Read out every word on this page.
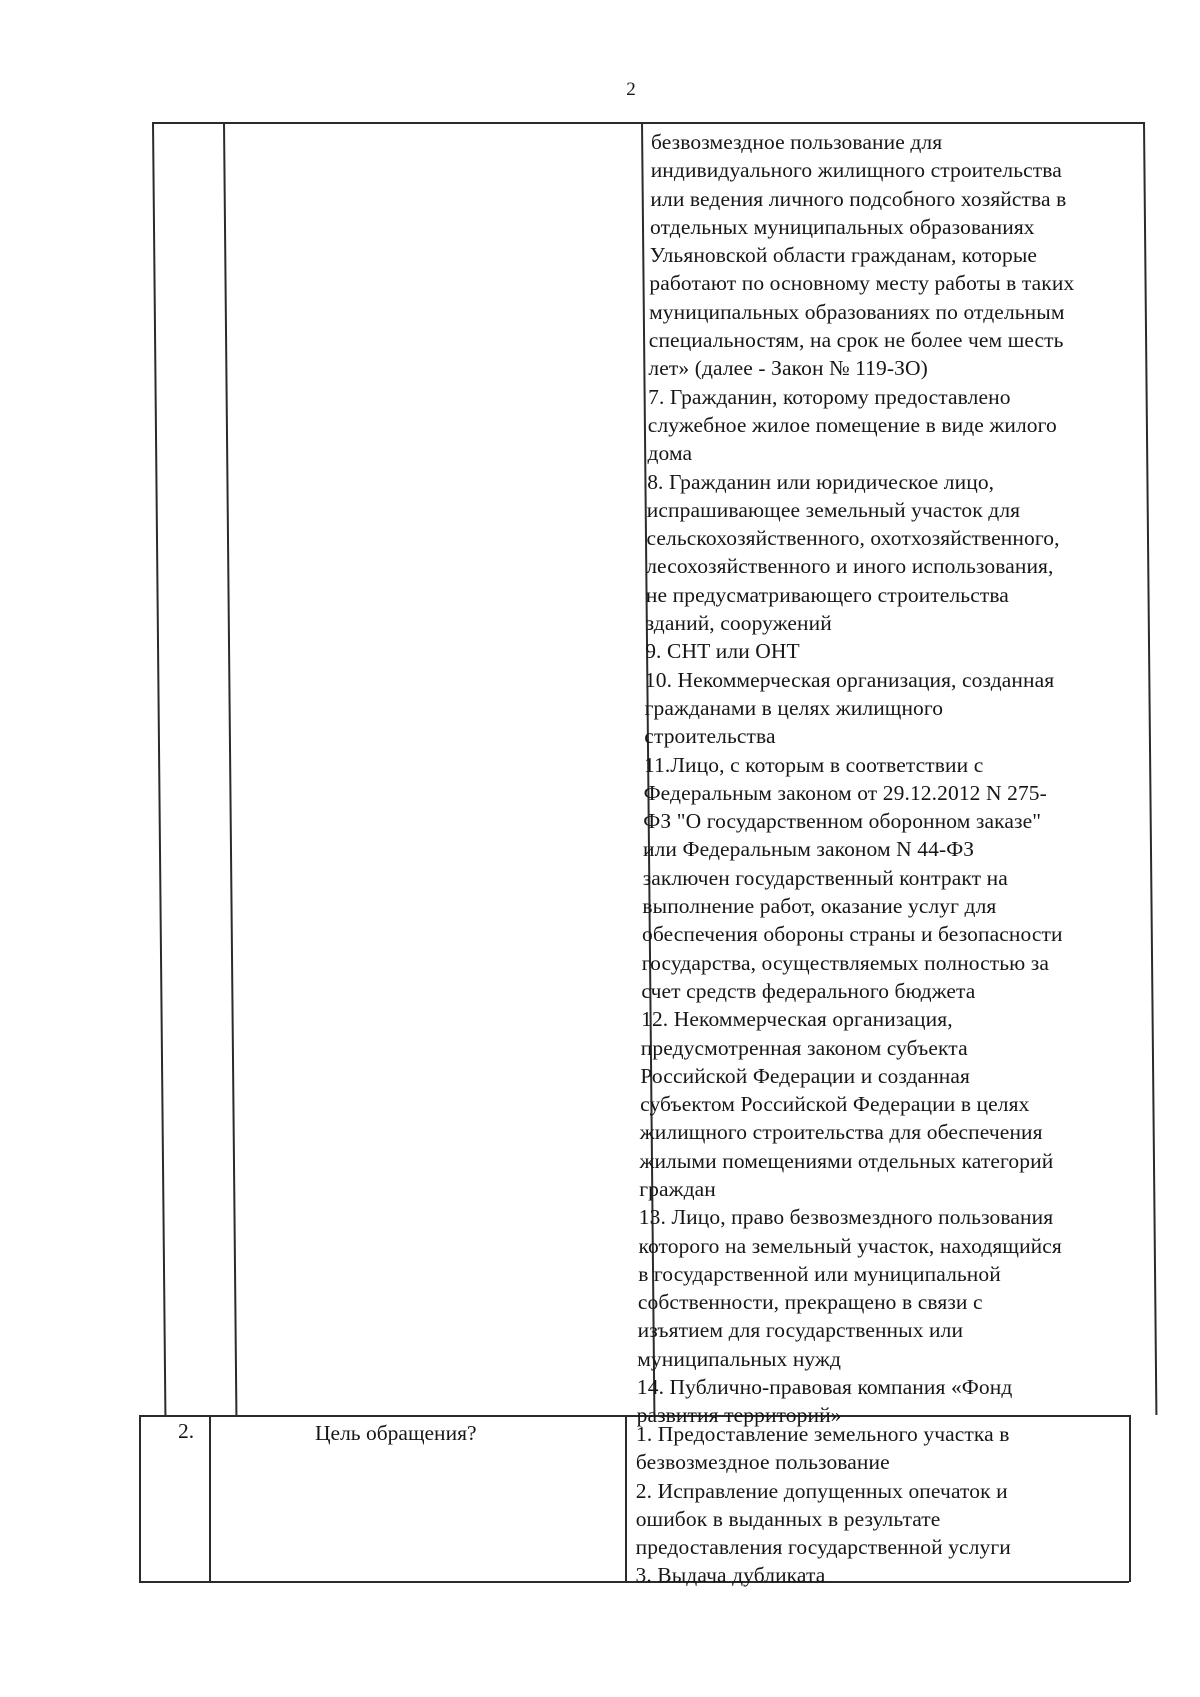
2
безвозмездное пользование для
индивидуального жилищного строительства
или ведения личного подсобного хозяйства в
отдельных муниципальных образованиях
Ульяновской области гражданам, которые
работают по основному месту работы в таких
муниципальных образованиях по отдельным
специальностям, на срок не более чем шесть
лет» (далее - Закон № 119-ЗО)
7. Гражданин, которому предоставлено
служебное жилое помещение в виде жилого
дома
8. Гражданин или юридическое лицо,
испрашивающее земельный участок для
сельскохозяйственного, охотхозяйственного,
лесохозяйственного и иного использования,
не предусматривающего строительства
зданий, сооружений
9. СНТ или ОНТ
10. Некоммерческая организация, созданная
гражданами в целях жилищного
строительства
11.Лицо, с которым в соответствии с
Федеральным законом от 29.12.2012 N 275-
ФЗ "О государственном оборонном заказе"
или Федеральным законом N 44-ФЗ
заключен государственный контракт на
выполнение работ, оказание услуг для
обеспечения обороны страны и безопасности
государства, осуществляемых полностью за
счет средств федерального бюджета
12. Некоммерческая организация,
предусмотренная законом субъекта
Российской Федерации и созданная
субъектом Российской Федерации в целях
жилищного строительства для обеспечения
жилыми помещениями отдельных категорий
граждан
13. Лицо, право безвозмездного пользования
которого на земельный участок, находящийся
в государственной или муниципальной
собственности, прекращено в связи с
изъятием для государственных или
муниципальных нужд
14. Публично-правовая компания «Фонд
развития территорий»
2.	Цель обращения?	1. Предоставление земельного участка в
безвозмездное пользование
2. Исправление допущенных опечаток и
ошибок в выданных в результате
предоставления государственной услуги
3. Выдача дубликата
